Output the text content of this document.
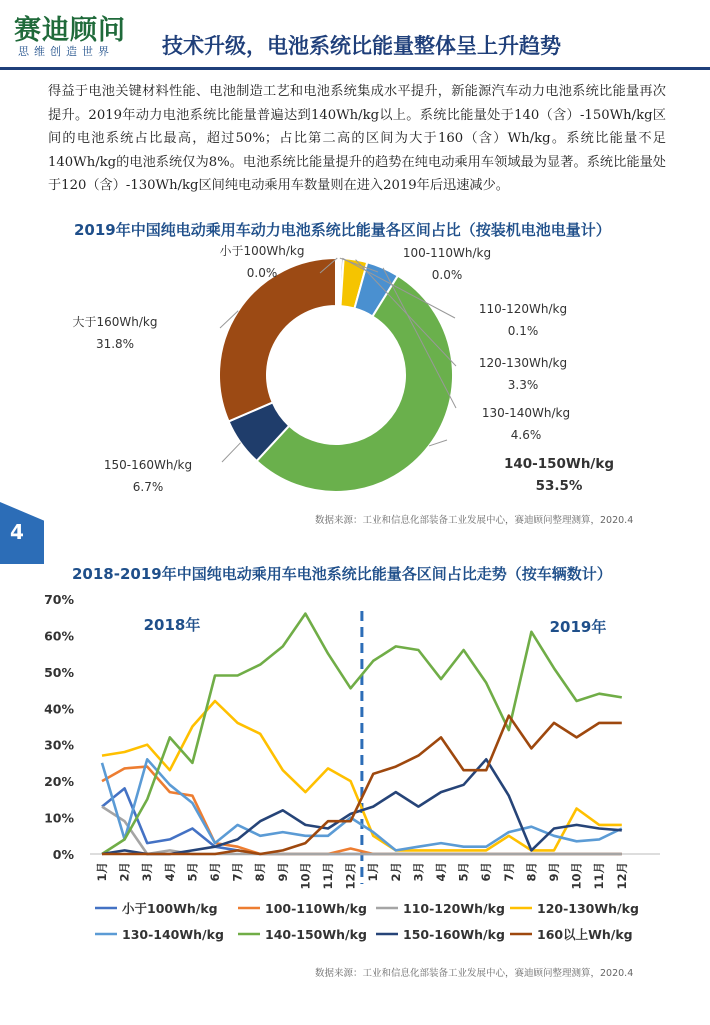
赛迪顾问
思维创造世界 技术升级，电池系统比能量整体呈上升趋势
得益于电池关键材料性能、电池制造工艺和电池系统集成水平提升，新能源汽车动力电池系统比能量再次提升。2019年动力电池系统比能量普遍达到140Wh/kg以上。系统比能量处于140（含）-150Wh/kg区间的电池系统占比最高，超过50%；占比第二高的区间为大于160（含）Wh/kg。系统比能量不足140Wh/kg的电池系统仅为8%。电池系统比能量提升的趋势在纯电动乘用车领域最为显著。系统比能量处于120（含）-130Wh/kg区间纯电动乘用车数量则在进入2019年后迅速减少。
2019年中国纯电动乘用车动力电池系统比能量各区间占比（按装机电池电量计）
小于100Wh/kg
0.0%
100-110Wh/kg
0.0%
110-120Wh/kg
0.1%
120-130Wh/kg
3.3%
130-140Wh/kg
4.6%
140-150Wh/kg
53.5%
150-160Wh/kg
6.7%
大于160Wh/kg
31.8%
数据来源：工业和信息化部装备工业发展中心，赛迪顾问整理测算，2020.4
4
2018-2019年中国纯电动乘用车电池系统比能量各区间占比走势（按车辆数计）
0%
10%
20%
30%
40%
50%
60%
70%
2018年	2019年
1月 2月 3月 4月 5月 6月 7月 8月 9月 10月 11月 12月 1月 2月 3月 4月 5月 6月 7月 8月 9月 10月 11月 12月
小于100Wh/kg	100-110Wh/kg	110-120Wh/kg	120-130Wh/kg
130-140Wh/kg	140-150Wh/kg	150-160Wh/kg	160以上Wh/kg
数据来源：工业和信息化部装备工业发展中心，赛迪顾问整理测算，2020.4
